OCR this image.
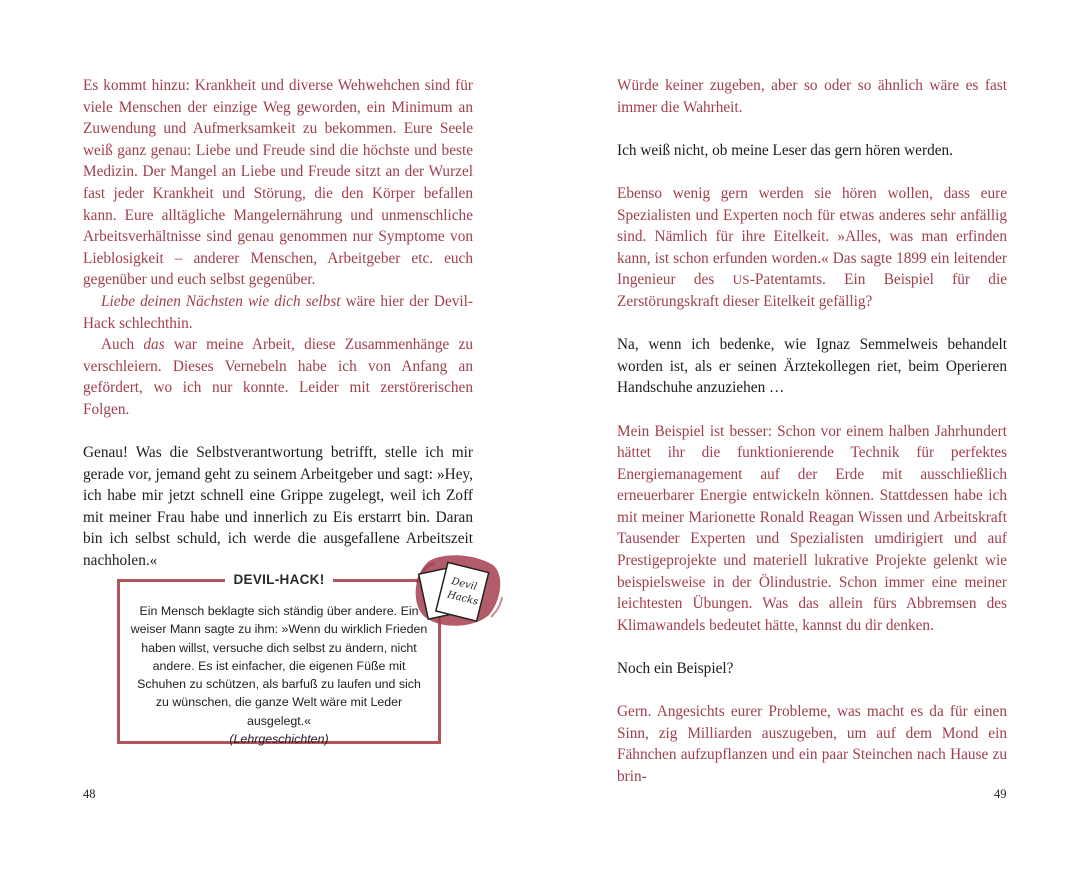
Es kommt hinzu: Krankheit und diverse Wehwehchen sind für viele Menschen der einzige Weg geworden, ein Minimum an Zuwendung und Aufmerksamkeit zu bekommen. Eure Seele weiß ganz genau: Liebe und Freude sind die höchste und beste Medizin. Der Mangel an Liebe und Freude sitzt an der Wurzel fast jeder Krankheit und Störung, die den Körper befallen kann. Eure alltägliche Mangelernährung und unmenschliche Arbeitsverhältnisse sind genau genommen nur Symptome von Lieblosigkeit – anderer Menschen, Arbeitgeber etc. euch gegenüber und euch selbst gegenüber.

Liebe deinen Nächsten wie dich selbst wäre hier der Devil-Hack schlechthin.

Auch das war meine Arbeit, diese Zusammenhänge zu verschleiern. Dieses Vernebeln habe ich von Anfang an gefördert, wo ich nur konnte. Leider mit zerstörerischen Folgen.

Genau! Was die Selbstverantwortung betrifft, stelle ich mir gerade vor, jemand geht zu seinem Arbeitgeber und sagt: »Hey, ich habe mir jetzt schnell eine Grippe zugelegt, weil ich Zoff mit meiner Frau habe und innerlich zu Eis erstarrt bin. Daran bin ich selbst schuld, ich werde die ausgefallene Arbeitszeit nachholen.«

48
DEVIL-HACK!
Ein Mensch beklagte sich ständig über andere. Ein weiser Mann sagte zu ihm: »Wenn du wirklich Frieden haben willst, versuche dich selbst zu ändern, nicht andere. Es ist einfacher, die eigenen Füße mit Schuhen zu schützen, als barfuß zu laufen und sich zu wünschen, die ganze Welt wäre mit Leder ausgelegt.«
(Lehrgeschichten)
Devil
Hacks

Würde keiner zugeben, aber so oder so ähnlich wäre es fast immer die Wahrheit.

Ich weiß nicht, ob meine Leser das gern hören werden.

Ebenso wenig gern werden sie hören wollen, dass eure Spezialisten und Experten noch für etwas anderes sehr anfällig sind. Nämlich für ihre Eitelkeit. »Alles, was man erfinden kann, ist schon erfunden worden.« Das sagte 1899 ein leitender Ingenieur des US-Patentamts. Ein Beispiel für die Zerstörungskraft dieser Eitelkeit gefällig?

Na, wenn ich bedenke, wie Ignaz Semmelweis behandelt worden ist, als er seinen Ärztekollegen riet, beim Operieren Handschuhe anzuziehen …

Mein Beispiel ist besser: Schon vor einem halben Jahrhundert hättet ihr die funktionierende Technik für perfektes Energiemanagement auf der Erde mit ausschließlich erneuerbarer Energie entwickeln können. Stattdessen habe ich mit meiner Marionette Ronald Reagan Wissen und Arbeitskraft Tausender Experten und Spezialisten umdirigiert und auf Prestigeprojekte und materiell lukrative Projekte gelenkt wie beispielsweise in der Ölindustrie. Schon immer eine meiner leichtesten Übungen. Was das allein fürs Abbremsen des Klimawandels bedeutet hätte, kannst du dir denken.

Noch ein Beispiel?

Gern. Angesichts eurer Probleme, was macht es da für einen Sinn, zig Milliarden auszugeben, um auf dem Mond ein Fähnchen aufzupflanzen und ein paar Steinchen nach Hause zu brin-

49
